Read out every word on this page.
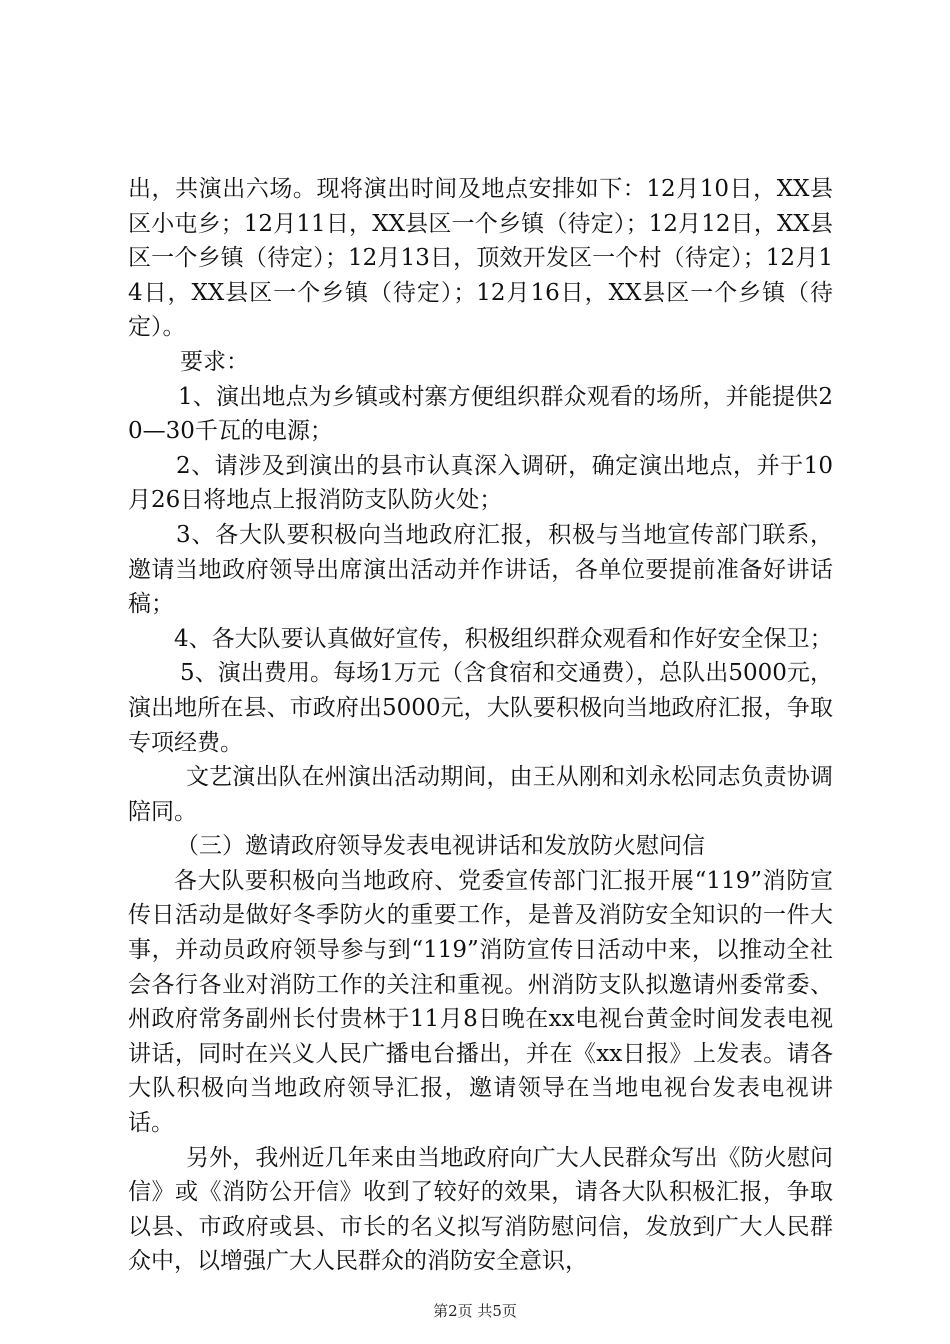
出，共演出六场。现将演出时间及地点安排如下：12月10日，XX县区小屯乡；12月11日，XX县区一个乡镇（待定）；12月12日，XX县区一个乡镇（待定）；12月13日，顶效开发区一个村（待定）；12月14日，XX县区一个乡镇（待定）；12月16日，XX县区一个乡镇（待定）。

要求：

1、演出地点为乡镇或村寨方便组织群众观看的场所，并能提供20—30千瓦的电源；

2、请涉及到演出的县市认真深入调研，确定演出地点，并于10月26日将地点上报消防支队防火处；

3、各大队要积极向当地政府汇报，积极与当地宣传部门联系，邀请当地政府领导出席演出活动并作讲话，各单位要提前准备好讲话稿；

4、各大队要认真做好宣传，积极组织群众观看和作好安全保卫；

5、演出费用。每场1万元（含食宿和交通费），总队出5000元，演出地所在县、市政府出5000元，大队要积极向当地政府汇报，争取专项经费。

文艺演出队在州演出活动期间，由王从刚和刘永松同志负责协调陪同。

（三）邀请政府领导发表电视讲话和发放防火慰问信

各大队要积极向当地政府、党委宣传部门汇报开展“119”消防宣传日活动是做好冬季防火的重要工作，是普及消防安全知识的一件大事，并动员政府领导参与到“119”消防宣传日活动中来，以推动全社会各行各业对消防工作的关注和重视。州消防支队拟邀请州委常委、州政府常务副州长付贵林于11月8日晚在xx电视台黄金时间发表电视讲话，同时在兴义人民广播电台播出，并在《xx日报》上发表。请各大队积极向当地政府领导汇报，邀请领导在当地电视台发表电视讲话。

另外，我州近几年来由当地政府向广大人民群众写出《防火慰问信》或《消防公开信》收到了较好的效果，请各大队积极汇报，争取以县、市政府或县、市长的名义拟写消防慰问信，发放到广大人民群众中，以增强广大人民群众的消防安全意识，

第2页 共5页
